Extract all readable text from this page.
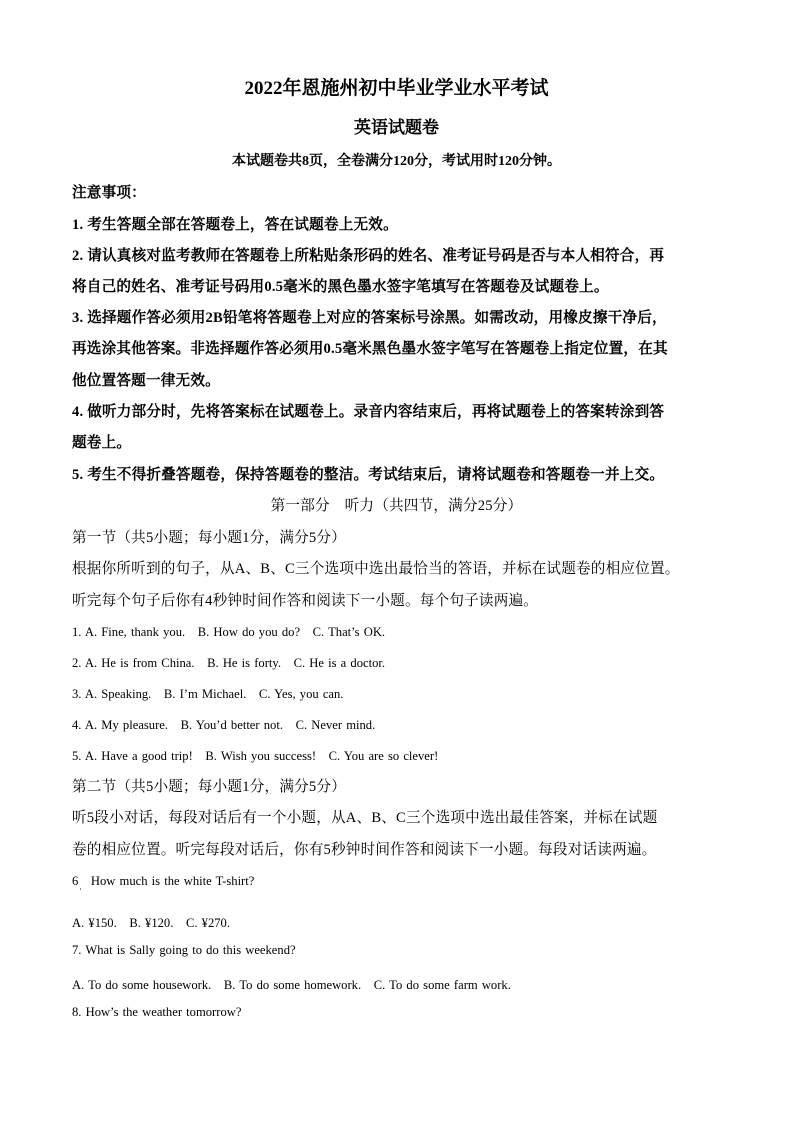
2022年恩施州初中毕业学业水平考试
英语试题卷
本试题卷共8页，全卷满分120分，考试用时120分钟。
注意事项：
1. 考生答题全部在答题卷上，答在试题卷上无效。
2. 请认真核对监考教师在答题卷上所粘贴条形码的姓名、准考证号码是否与本人相符合，再
将自己的姓名、准考证号码用0.5毫米的黑色墨水签字笔填写在答题卷及试题卷上。
3. 选择题作答必须用2B铅笔将答题卷上对应的答案标号涂黑。如需改动，用橡皮擦干净后，
再选涂其他答案。非选择题作答必须用0.5毫米黑色墨水签字笔写在答题卷上指定位置，在其
他位置答题一律无效。
4. 做听力部分时，先将答案标在试题卷上。录音内容结束后，再将试题卷上的答案转涂到答
题卷上。
5. 考生不得折叠答题卷，保持答题卷的整洁。考试结束后，请将试题卷和答题卷一并上交。
第一部分　听力（共四节，满分25分）
第一节（共5小题；每小题1分，满分5分）
根据你所听到的句子，从A、B、C三个选项中选出最恰当的答语，并标在试题卷的相应位置。
听完每个句子后你有4秒钟时间作答和阅读下一小题。每个句子读两遍。
1. A. Fine, thank you.　B. How do you do?　C. That’s OK.
2. A. He is from China.　B. He is forty.　C. He is a doctor.
3. A. Speaking.　B. I’m Michael.　C. Yes, you can.
4. A. My pleasure.　B. You’d better not.　C. Never mind.
5. A. Have a good trip!　B. Wish you success!　C. You are so clever!
第二节（共5小题；每小题1分，满分5分）
听5段小对话，每段对话后有一个小题，从A、B、C三个选项中选出最佳答案，并标在试题
卷的相应位置。听完每段对话后，你有5秒钟时间作答和阅读下一小题。每段对话读两遍。
6　How much is the white T-shirt?
A. ¥150.　B. ¥120.　C. ¥270.
7. What is Sally going to do this weekend?
A. To do some housework.　B. To do some homework.　C. To do some farm work.
8. How’s the weather tomorrow?
